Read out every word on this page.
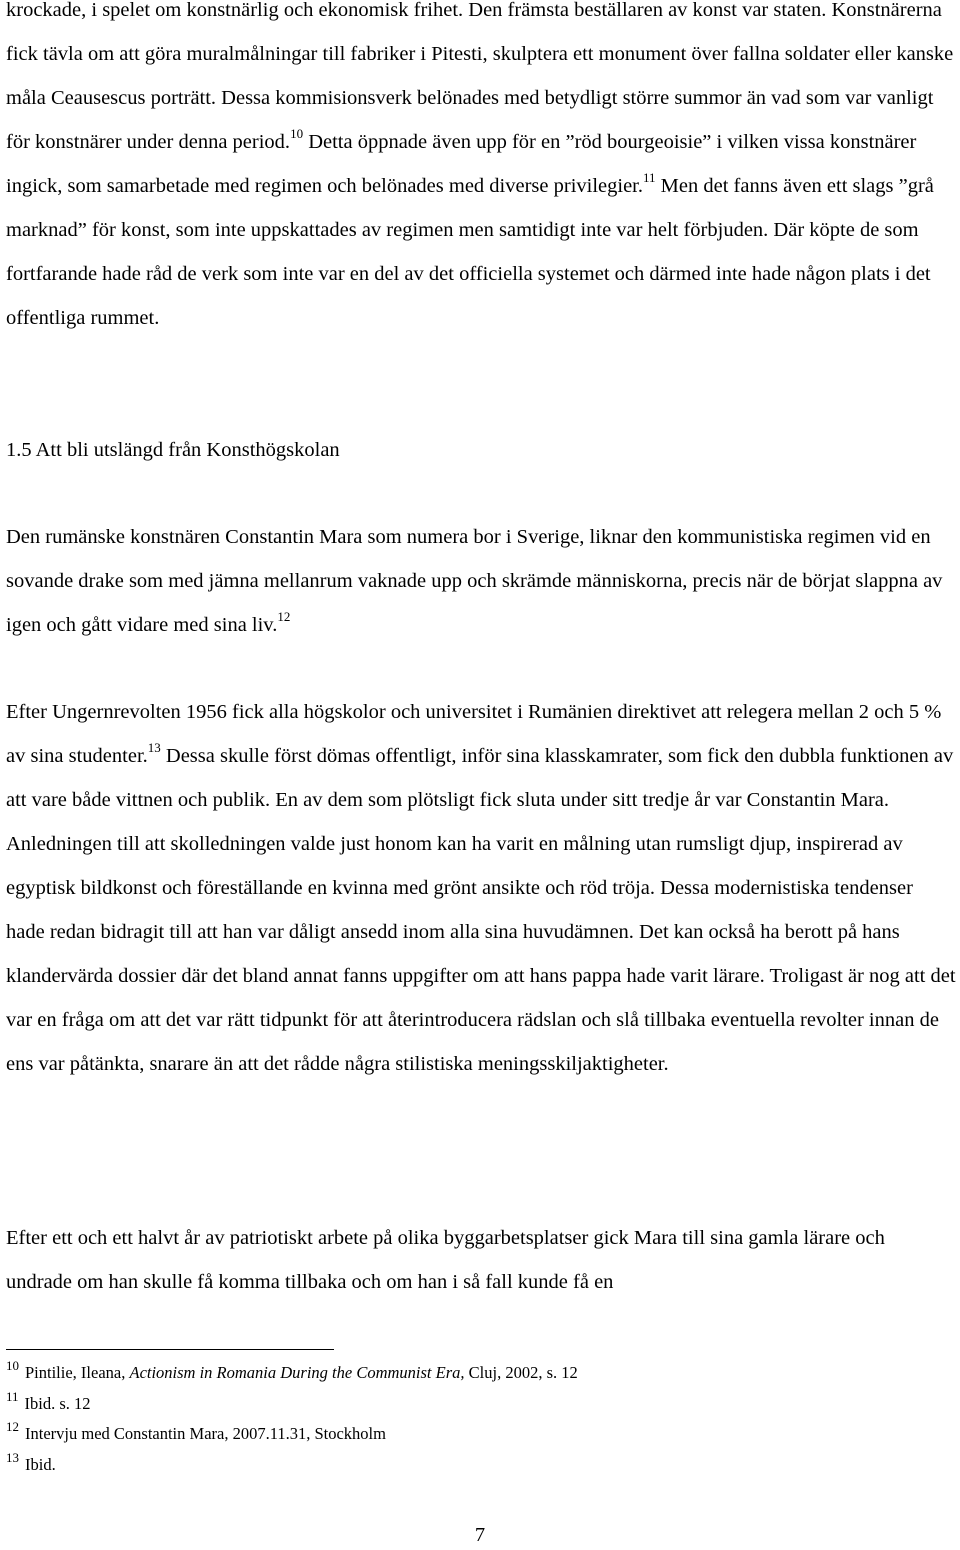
krockade, i spelet om konstnärlig och ekonomisk frihet. Den främsta beställaren av konst var staten. Konstnärerna fick tävla om att göra muralmålningar till fabriker i Pitesti, skulptera ett monument över fallna soldater eller kanske måla Ceausescus porträtt. Dessa kommisionsverk belönades med betydligt större summor än vad som var vanligt för konstnärer under denna period.$^{10}$ Detta öppnade även upp för en ”röd bourgeoisie” i vilken vissa konstnärer ingick, som samarbetade med regimen och belönades med diverse privilegier.$^{11}$ Men det fanns även ett slags ”grå marknad” för konst, som inte uppskattades av regimen men samtidigt inte var helt förbjuden. Där köpte de som fortfarande hade råd de verk som inte var en del av det officiella systemet och därmed inte hade någon plats i det offentliga rummet.

1.5 Att bli utslängd från Konsthögskolan

Den rumänske konstnären Constantin Mara som numera bor i Sverige, liknar den kommunistiska regimen vid en sovande drake som med jämna mellanrum vaknade upp och skrämde människorna, precis när de börjat slappna av igen och gått vidare med sina liv.$^{12}$

Efter Ungernrevolten 1956 fick alla högskolor och universitet i Rumänien direktivet att relegera mellan 2 och 5 % av sina studenter.$^{13}$ Dessa skulle först dömas offentligt, inför sina klasskamrater, som fick den dubbla funktionen av att vare både vittnen och publik. En av dem som plötsligt fick sluta under sitt tredje år var Constantin Mara. Anledningen till att skolledningen valde just honom kan ha varit en målning utan rumsligt djup, inspirerad av egyptisk bildkonst och föreställande en kvinna med grönt ansikte och röd tröja. Dessa modernistiska tendenser hade redan bidragit till att han var dåligt ansedd inom alla sina huvudämnen. Det kan också ha berott på hans klandervärda dossier där det bland annat fanns uppgifter om att hans pappa hade varit lärare. Troligast är nog att det var en fråga om att det var rätt tidpunkt för att återintroducera rädslan och slå tillbaka eventuella revolter innan de ens var påtänkta, snarare än att det rådde några stilistiska meningsskiljaktigheter.

Efter ett och ett halvt år av patriotiskt arbete på olika byggarbetsplatser gick Mara till sina gamla lärare och undrade om han skulle få komma tillbaka och om han i så fall kunde få en

$^{10}$ Pintilie, Ileana, Actionism in Romania During the Communist Era, Cluj, 2002, s. 12
$^{11}$ Ibid. s. 12
$^{12}$ Intervju med Constantin Mara, 2007.11.31, Stockholm
$^{13}$ Ibid.
7
